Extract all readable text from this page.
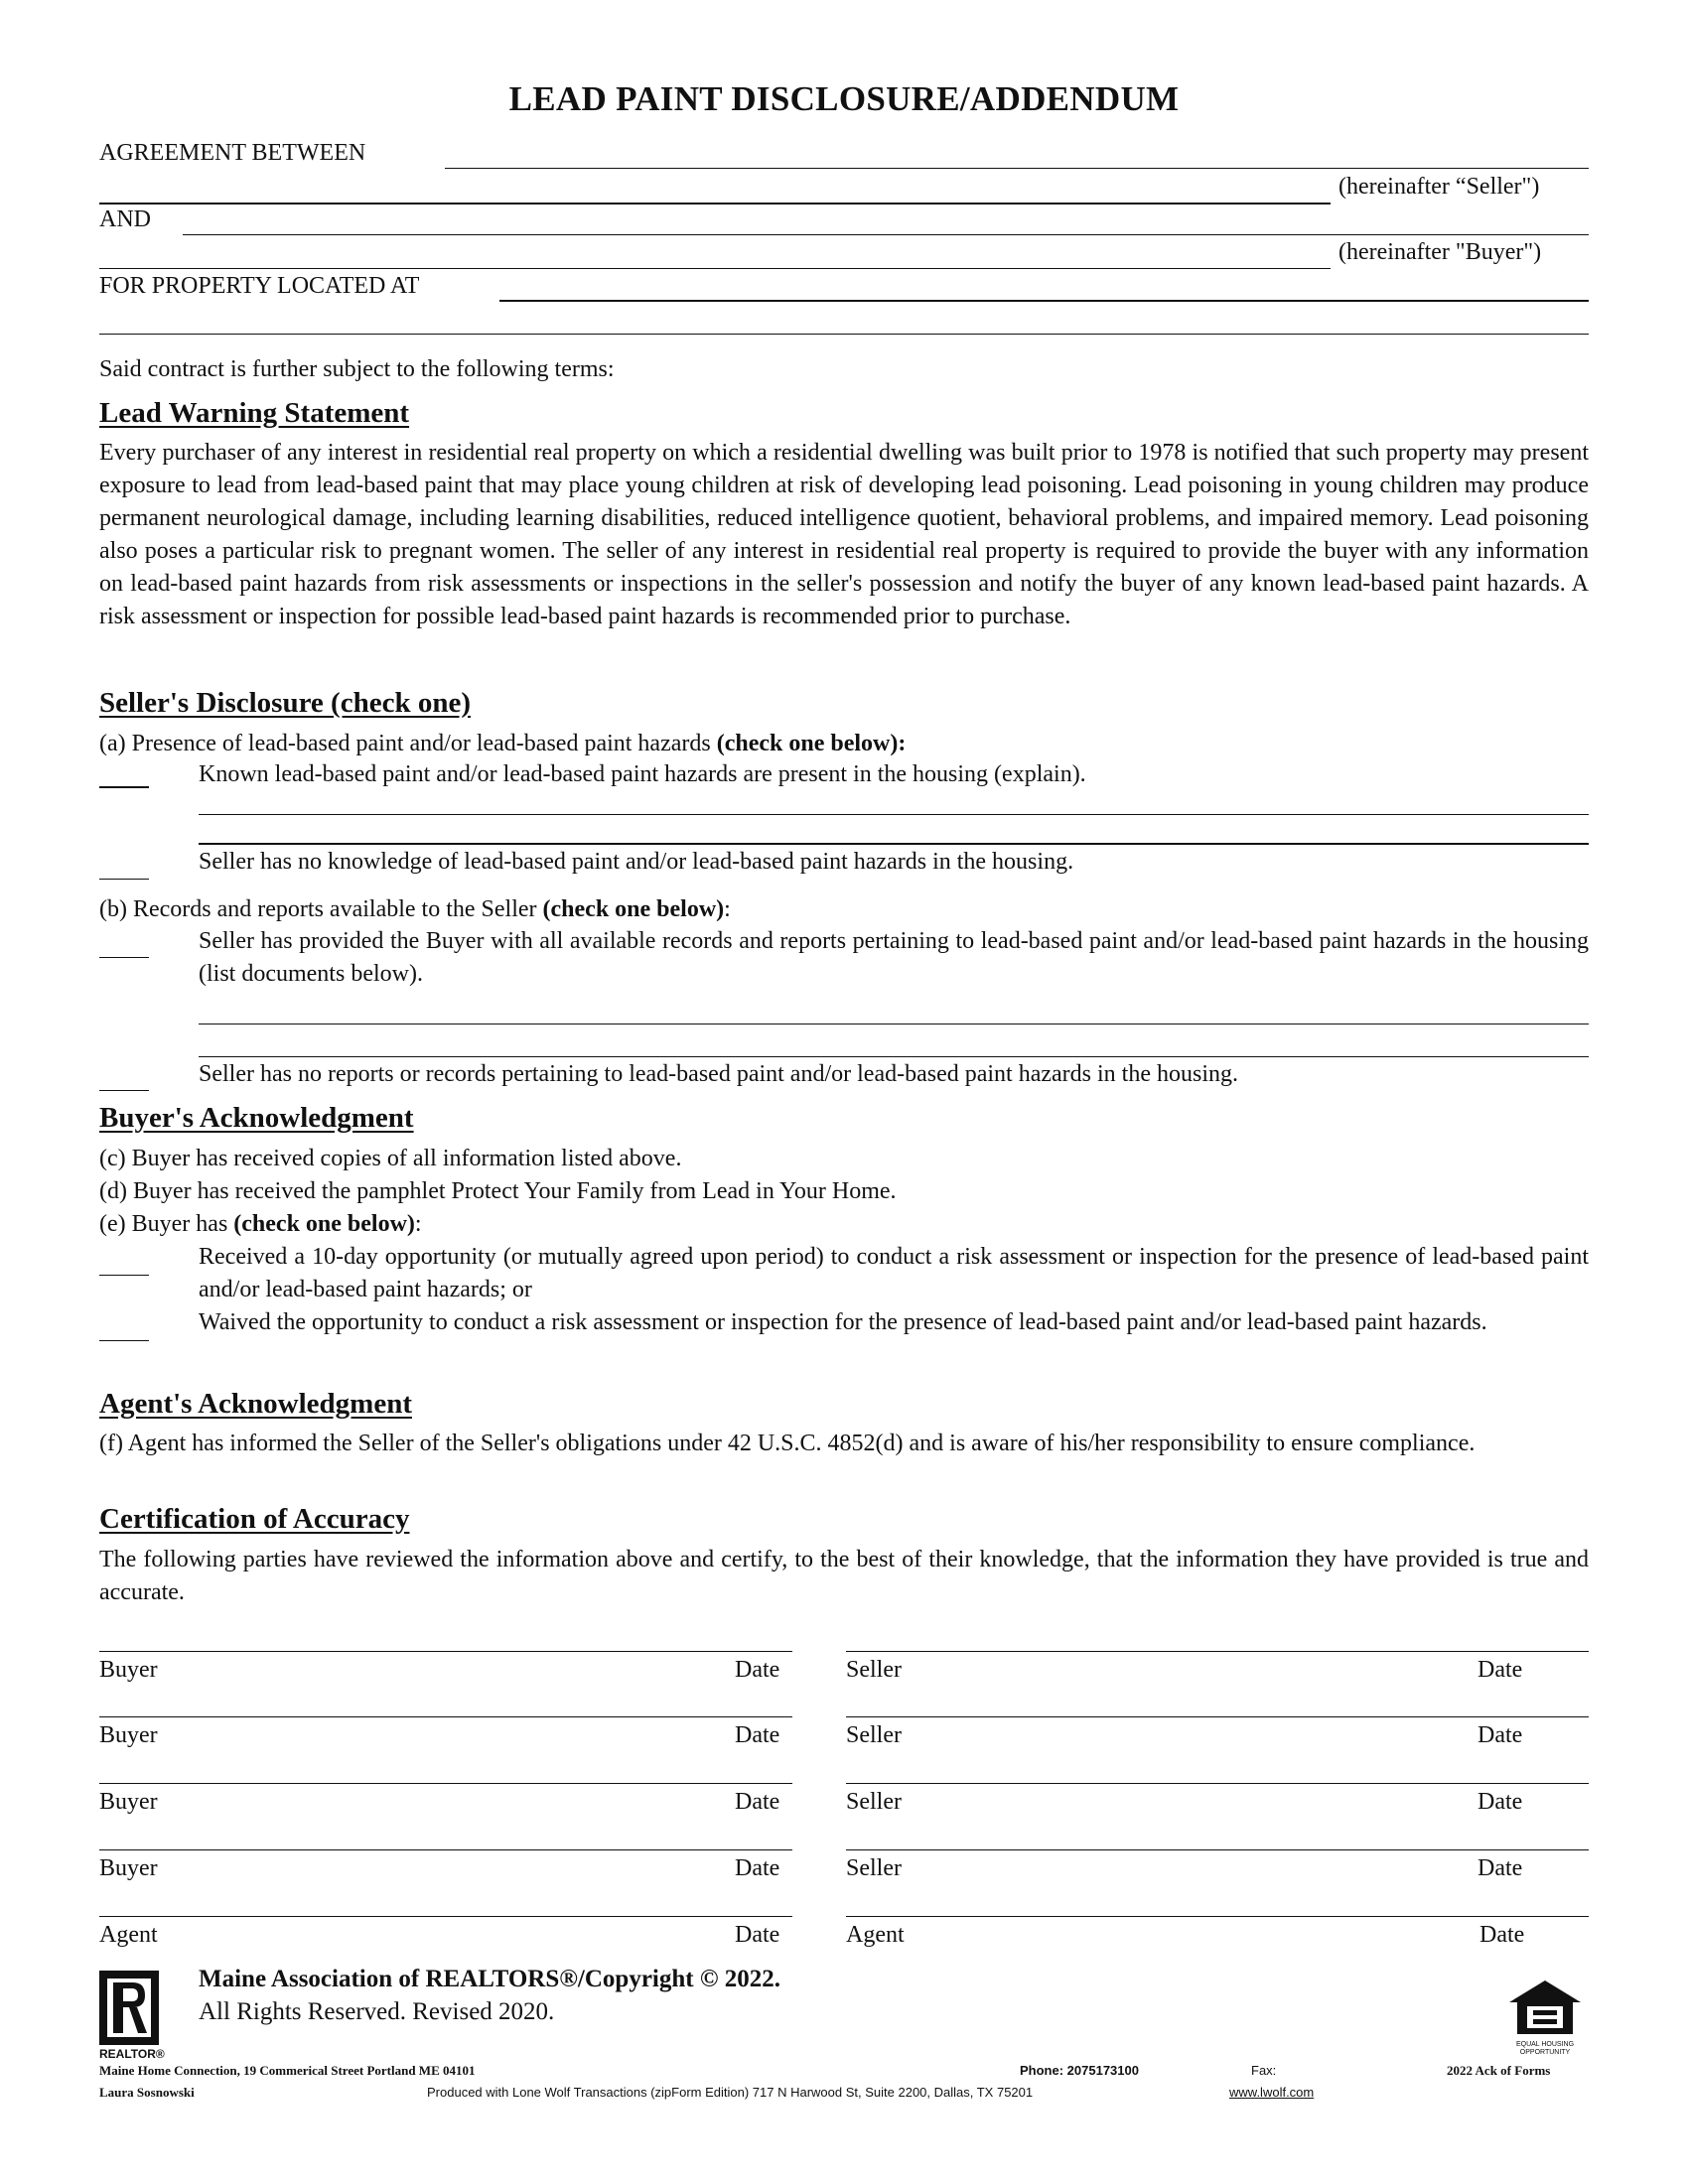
LEAD PAINT DISCLOSURE/ADDENDUM
AGREEMENT BETWEEN
(hereinafter “Seller")
AND
(hereinafter "Buyer")
FOR PROPERTY LOCATED AT
Said contract is further subject to the following terms:
Lead Warning Statement
Every purchaser of any interest in residential real property on which a residential dwelling was built prior to 1978 is notified that such property may present exposure to lead from lead-based paint that may place young children at risk of developing lead poisoning. Lead poisoning in young children may produce permanent neurological damage, including learning disabilities, reduced intelligence quotient, behavioral problems, and impaired memory. Lead poisoning also poses a particular risk to pregnant women. The seller of any interest in residential real property is required to provide the buyer with any information on lead-based paint hazards from risk assessments or inspections in the seller's possession and notify the buyer of any known lead-based paint hazards. A risk assessment or inspection for possible lead-based paint hazards is recommended prior to purchase.
Seller's Disclosure (check one)
(a) Presence of lead-based paint and/or lead-based paint hazards (check one below):
Known lead-based paint and/or lead-based paint hazards are present in the housing (explain).
Seller has no knowledge of lead-based paint and/or lead-based paint hazards in the housing.
(b) Records and reports available to the Seller (check one below):
Seller has provided the Buyer with all available records and reports pertaining to lead-based paint and/or lead-based paint hazards in the housing (list documents below).
Seller has no reports or records pertaining to lead-based paint and/or lead-based paint hazards in the housing.
Buyer's Acknowledgment
(c) Buyer has received copies of all information listed above.
(d) Buyer has received the pamphlet Protect Your Family from Lead in Your Home.
(e) Buyer has (check one below):
Received a 10-day opportunity (or mutually agreed upon period) to conduct a risk assessment or inspection for the presence of lead-based paint and/or lead-based paint hazards; or
Waived the opportunity to conduct a risk assessment or inspection for the presence of lead-based paint and/or lead-based paint hazards.
Agent's Acknowledgment
(f) Agent has informed the Seller of the Seller's obligations under 42 U.S.C. 4852(d) and is aware of his/her responsibility to ensure compliance.
Certification of Accuracy
The following parties have reviewed the information above and certify, to the best of their knowledge, that the information they have provided is true and accurate.
Buyer	Date	Seller	Date
Buyer	Date	Seller	Date
Buyer	Date	Seller	Date
Buyer	Date	Seller	Date
Agent	Date	Agent	Date
REALTOR®
Maine Association of REALTORS®/Copyright © 2022.
All Rights Reserved. Revised 2020.
EQUAL HOUSING OPPORTUNITY
Maine Home Connection, 19 Commerical Street Portland ME 04101	Phone: 2075173100	Fax:	2022 Ack of Forms
Laura Sosnowski	Produced with Lone Wolf Transactions (zipForm Edition) 717 N Harwood St, Suite 2200, Dallas, TX 75201	www.lwolf.com
